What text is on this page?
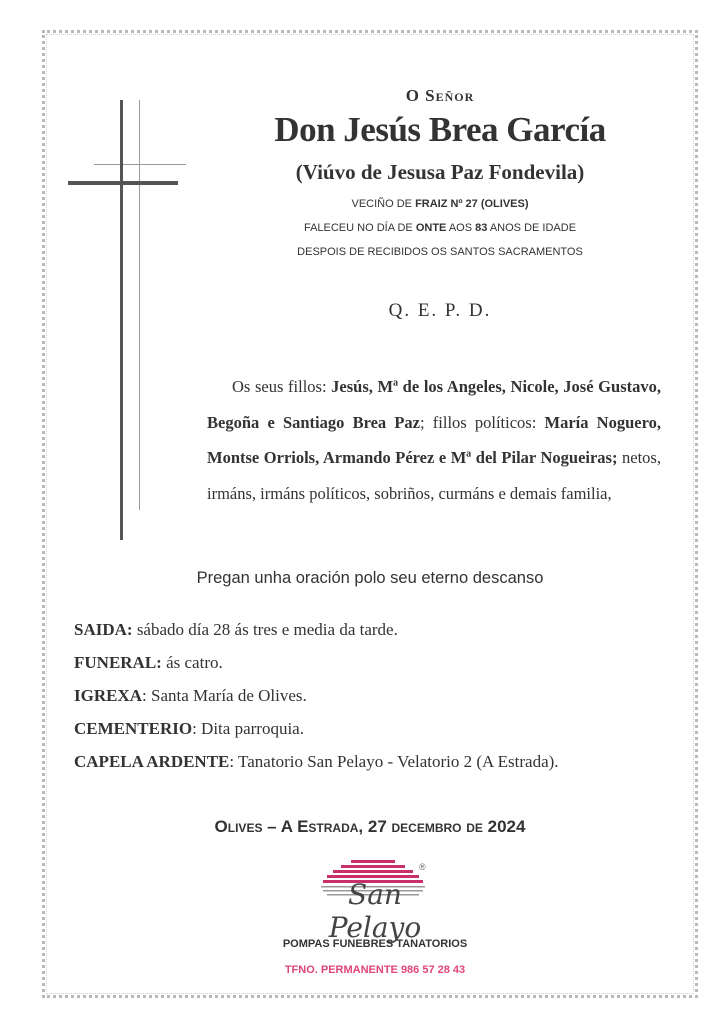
O Señor
Don Jesús Brea García
(Viúvo de Jesusa Paz Fondevila)
VECIÑO DE FRAIZ Nº 27 (OLIVES)
FALECEU NO DÍA DE ONTE AOS 83 ANOS DE IDADE
DESPOIS DE RECIBIDOS OS SANTOS SACRAMENTOS
Q. E. P. D.
Os seus fillos: Jesús, Mª de los Angeles, Nicole, José Gustavo, Begoña e Santiago Brea Paz; fillos políticos: María Noguero, Montse Orriols, Armando Pérez e Mª del Pilar Nogueiras; netos, irmáns, irmáns políticos, sobriños, curmáns e demais familia,
Pregan unha oración polo seu eterno descanso
SAIDA: sábado día 28 ás tres e media da tarde.
FUNERAL: ás catro.
IGREXA: Santa María de Olives.
CEMENTERIO: Dita parroquia.
CAPELA ARDENTE: Tanatorio San Pelayo - Velatorio 2 (A Estrada).
Olives – A Estrada, 27 decembro de 2024
San Pelayo
®
POMPAS FUNEBRES TANATORIOS
TFNO. PERMANENTE 986 57 28 43
